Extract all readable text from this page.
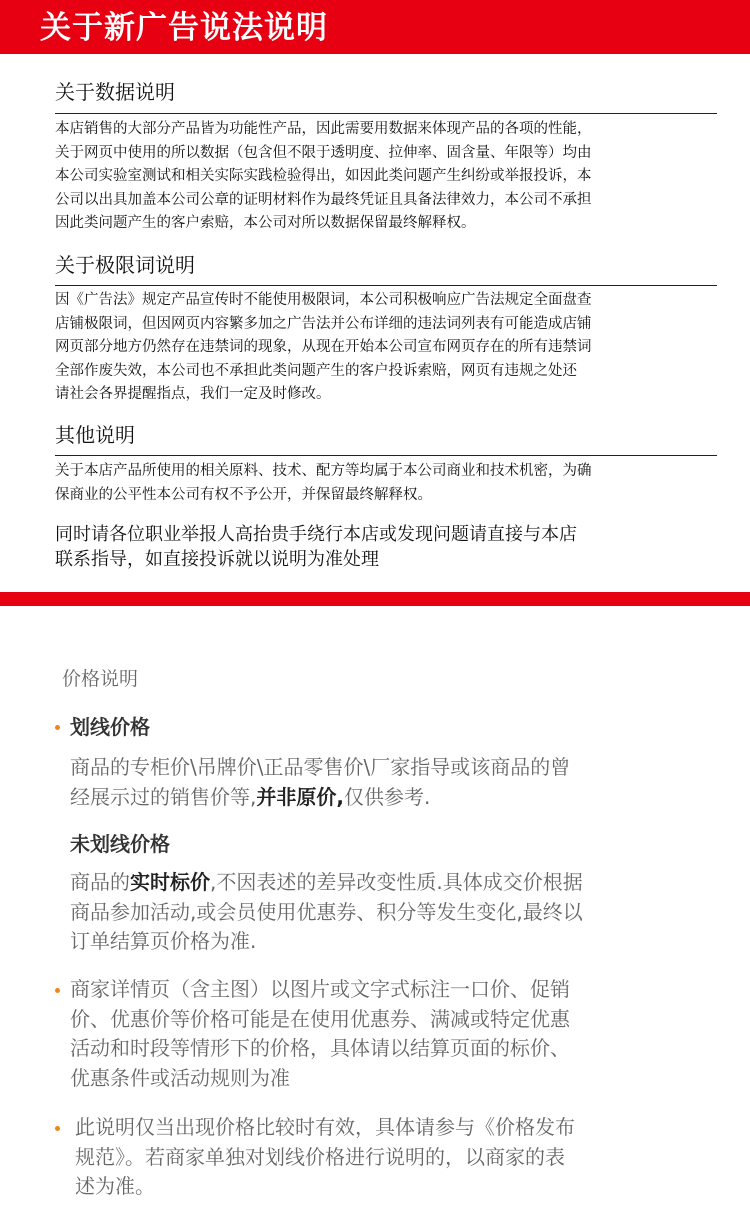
关于新广告说法说明
关于数据说明
本店销售的大部分产品皆为功能性产品，因此需要用数据来体现产品的各项的性能，
关于网页中使用的所以数据（包含但不限于透明度、拉伸率、固含量、年限等）均由
本公司实验室测试和相关实际实践检验得出，如因此类问题产生纠纷或举报投诉，本
公司以出具加盖本公司公章的证明材料作为最终凭证且具备法律效力，本公司不承担
因此类问题产生的客户索赔，本公司对所以数据保留最终解释权。
关于极限词说明
因《广告法》规定产品宣传时不能使用极限词，本公司积极响应广告法规定全面盘查
店铺极限词，但因网页内容繁多加之广告法并公布详细的违法词列表有可能造成店铺
网页部分地方仍然存在违禁词的现象，从现在开始本公司宣布网页存在的所有违禁词
全部作废失效，本公司也不承担此类问题产生的客户投诉索赔，网页有违规之处还
请社会各界提醒指点，我们一定及时修改。
其他说明
关于本店产品所使用的相关原料、技术、配方等均属于本公司商业和技术机密，为确
保商业的公平性本公司有权不予公开，并保留最终解释权。
同时请各位职业举报人高抬贵手绕行本店或发现问题请直接与本店
联系指导，如直接投诉就以说明为准处理
价格说明
划线价格
商品的专柜价\吊牌价\正品零售价\厂家指导或该商品的曾
经展示过的销售价等,并非原价,仅供参考.
未划线价格
商品的实时标价,不因表述的差异改变性质.具体成交价根据
商品参加活动,或会员使用优惠券、积分等发生变化,最终以
订单结算页价格为准.
商家详情页（含主图）以图片或文字式标注一口价、促销
价、优惠价等价格可能是在使用优惠券、满减或特定优惠
活动和时段等情形下的价格，具体请以结算页面的标价、
优惠条件或活动规则为准
此说明仅当出现价格比较时有效，具体请参与《价格发布
规范》。若商家单独对划线价格进行说明的，以商家的表
述为准。
